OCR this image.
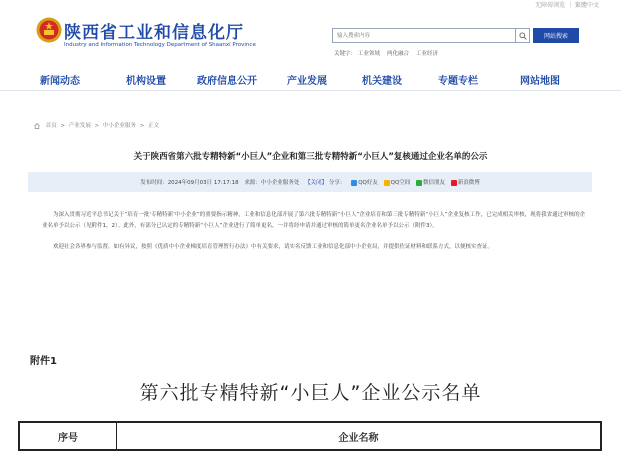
无障碍浏览 ｜ 繁體中文
陕西省工业和信息化厅
Industry and Information Technology Department of Shaanxi Province
输入搜索内容
网站搜索
关键字： 工业领域 两化融合 工业经济
新闻动态	机构设置	政府信息公开	产业发展	机关建设	专题专栏	网站地图
首页 > 产业发展 > 中小企业服务 > 正文
关于陕西省第六批专精特新“小巨人”企业和第三批专精特新“小巨人”复核通过企业名单的公示
发布时间：2024年09月03日 17:17:18 来源：中小企业服务处 【关闭】 分享： QQ好友 QQ空间 微信朋友 新浪微博

为深入贯彻习近平总书记关于“培育一批‘专精特新’中小企业”的重要指示精神，工业和信息化部开展了第六批专精特新“小巨人”企业培育和第三批专精特新“小巨人”企业复核工作，已完成相关审核，现将我省通过审核的企业名单予以公示（见附件1，2）。此外，有部分已认定的专精特新“小巨人”企业进行了简单更名，一并将经申请并通过审核的简单更名企业名单予以公示（附件3）。

欢迎社会各界参与监督，如有异议，按照《优质中小企业梯度培育管理暂行办法》中有关要求，请实名反馈工业和信息化部中小企业局，并提供佐证材料和联系方式，以便核实查证。

附件1
第六批专精特新“小巨人”企业公示名单
序号	企业名称
